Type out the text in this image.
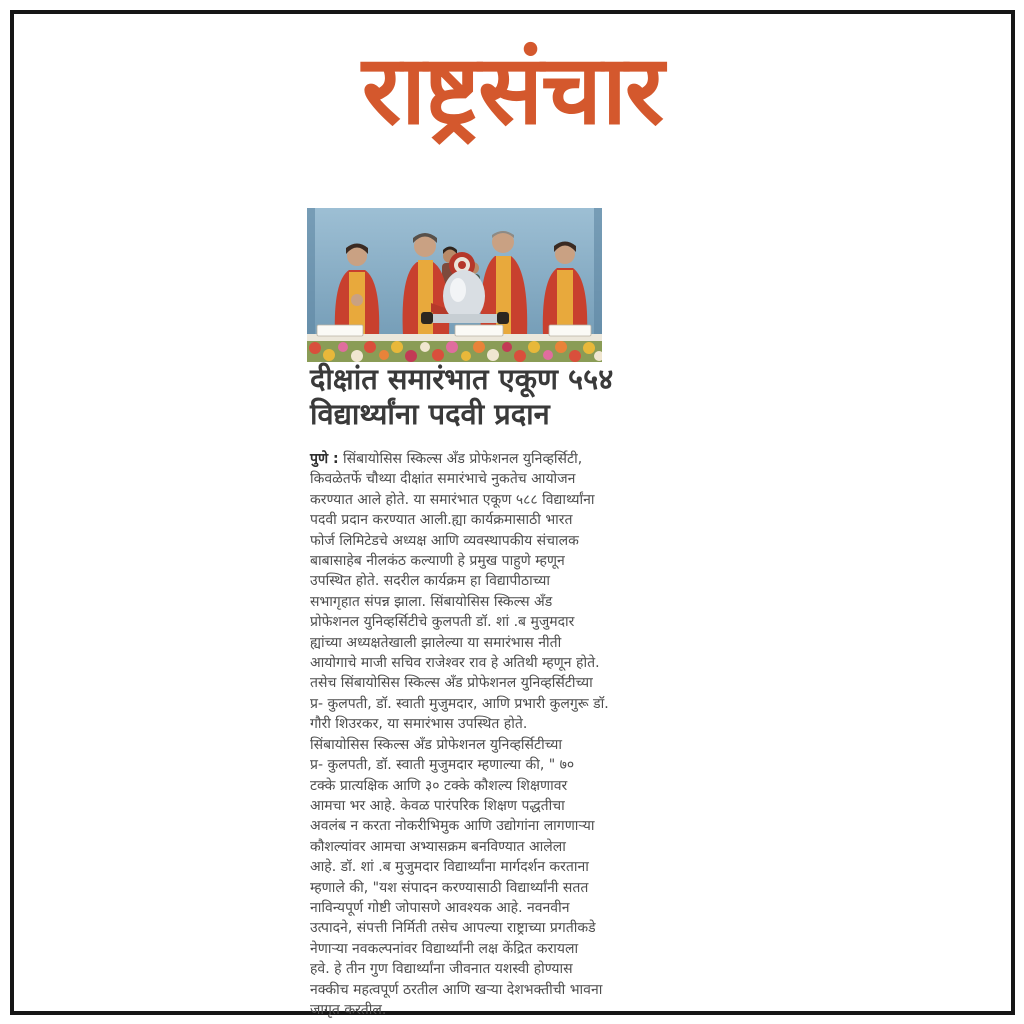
राष्ट्रसंचार
दीक्षांत समारंभात एकूण ५५४
विद्यार्थ्यांना पदवी प्रदान
पुणे : सिंबायोसिस स्किल्स अँड प्रोफेशनल युनिव्हर्सिटी,
किवळेतर्फे चौथ्या दीक्षांत समारंभाचे नुकतेच आयोजन
करण्यात आले होते. या समारंभात एकूण ५८८ विद्यार्थ्यांना
पदवी प्रदान करण्यात आली.ह्या कार्यक्रमासाठी भारत
फोर्ज लिमिटेडचे अध्यक्ष आणि व्यवस्थापकीय संचालक
बाबासाहेब नीलकंठ कल्याणी हे प्रमुख पाहुणे म्हणून
उपस्थित होते. सदरील कार्यक्रम हा विद्यापीठाच्या
सभागृहात संपन्न झाला. सिंबायोसिस स्किल्स अँड
प्रोफेशनल युनिव्हर्सिटीचे कुलपती डॉ. शां .ब मुजुमदार
ह्यांच्या अध्यक्षतेखाली झालेल्या या समारंभास नीती
आयोगाचे माजी सचिव राजेश्वर राव हे अतिथी म्हणून होते.
तसेच सिंबायोसिस स्किल्स अँड प्रोफेशनल युनिव्हर्सिटीच्या
प्र- कुलपती, डॉ. स्वाती मुजुमदार, आणि प्रभारी कुलगुरू डॉ.
गौरी शिउरकर, या समारंभास उपस्थित होते.
सिंबायोसिस स्किल्स अँड प्रोफेशनल युनिव्हर्सिटीच्या
प्र- कुलपती, डॉ. स्वाती मुजुमदार म्हणाल्या की, " ७०
टक्के प्रात्यक्षिक आणि ३० टक्के कौशल्य शिक्षणावर
आमचा भर आहे. केवळ पारंपरिक शिक्षण पद्धतीचा
अवलंब न करता नोकरीभिमुक आणि उद्योगांना लागणाऱ्या
कौशल्यांवर आमचा अभ्यासक्रम बनविण्यात आलेला
आहे. डॉ. शां .ब मुजुमदार विद्यार्थ्यांना मार्गदर्शन करताना
म्हणाले की, "यश संपादन करण्यासाठी विद्यार्थ्यांनी सतत
नाविन्यपूर्ण गोष्टी जोपासणे आवश्यक आहे. नवनवीन
उत्पादने, संपत्ती निर्मिती तसेच आपल्या राष्ट्राच्या प्रगतीकडे
नेणाऱ्या नवकल्पनांवर विद्यार्थ्यांनी लक्ष केंद्रित करायला
हवे. हे तीन गुण विद्यार्थ्यांना जीवनात यशस्वी होण्यास
नक्कीच महत्वपूर्ण ठरतील आणि खऱ्या देशभक्तीची भावना
जागृत करतील.
